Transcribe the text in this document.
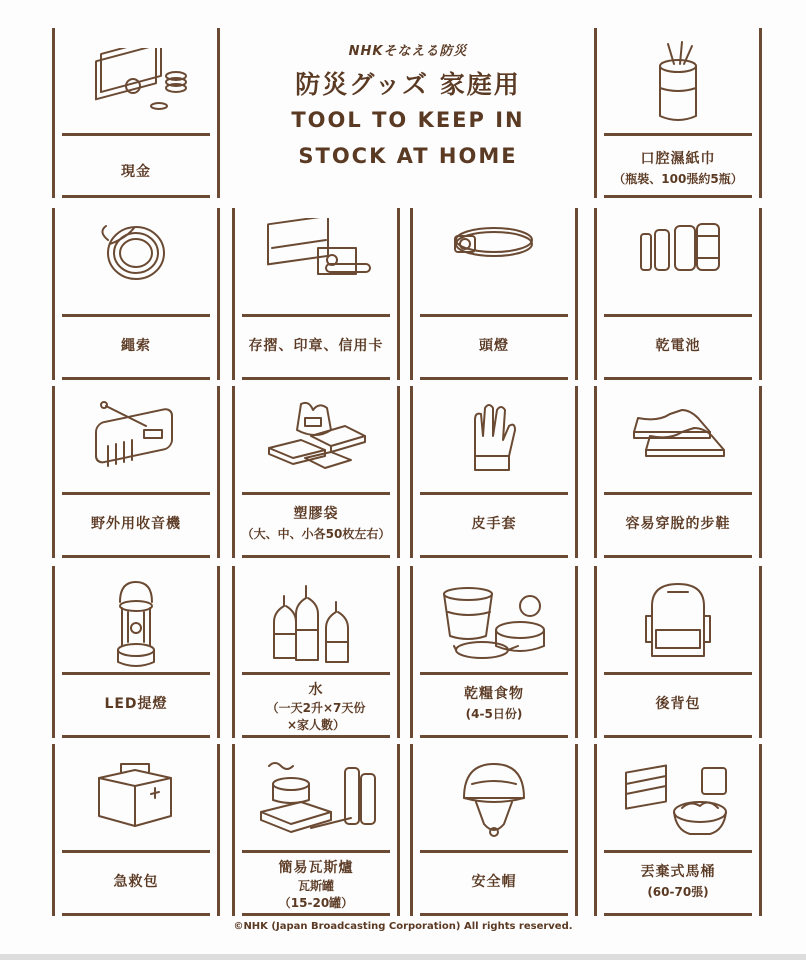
NHKそなえる防災
防災グッズ 家庭用
TOOL TO KEEP IN
STOCK AT HOME
現金
口腔濕紙巾
（瓶裝、100張約5瓶）
繩索	存摺、印章、信用卡	頭燈	乾電池
野外用收音機
塑膠袋
（大、中、小各50枚左右）
皮手套	容易穿脫的步鞋
LED提燈
水
（一天2升×7天份
×家人數）
乾糧食物
(4-5日份)
後背包
急救包
簡易瓦斯爐
瓦斯罐
（15-20罐）
安全帽
丟棄式馬桶
(60-70張)
©NHK (Japan Broadcasting Corporation) All rights reserved.
